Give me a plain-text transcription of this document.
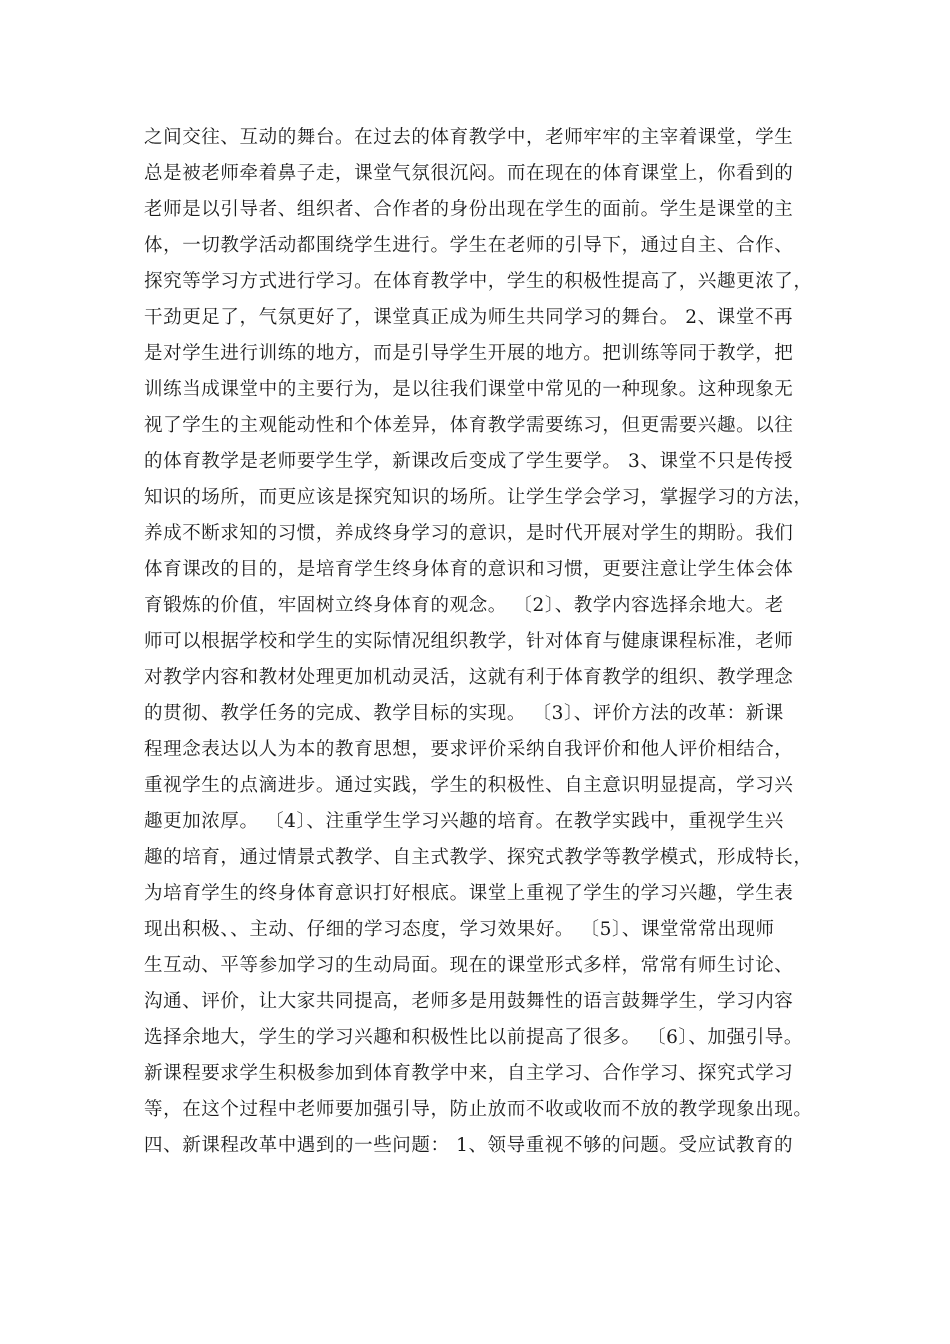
之间交往、互动的舞台。在过去的体育教学中，老师牢牢的主宰着课堂，学生
总是被老师牵着鼻子走，课堂气氛很沉闷。而在现在的体育课堂上，你看到的
老师是以引导者、组织者、合作者的身份出现在学生的面前。学生是课堂的主
体，一切教学活动都围绕学生进行。学生在老师的引导下，通过自主、合作、
探究等学习方式进行学习。在体育教学中，学生的积极性提高了，兴趣更浓了，
干劲更足了，气氛更好了，课堂真正成为师生共同学习的舞台。 2、课堂不再
是对学生进行训练的地方，而是引导学生开展的地方。把训练等同于教学，把
训练当成课堂中的主要行为，是以往我们课堂中常见的一种现象。这种现象无
视了学生的主观能动性和个体差异，体育教学需要练习，但更需要兴趣。以往
的体育教学是老师要学生学，新课改后变成了学生要学。 3、课堂不只是传授
知识的场所，而更应该是探究知识的场所。让学生学会学习，掌握学习的方法，
养成不断求知的习惯，养成终身学习的意识，是时代开展对学生的期盼。我们
体育课改的目的，是培育学生终身体育的意识和习惯，更要注意让学生体会体
育锻炼的价值，牢固树立终身体育的观念。 〔2〕、教学内容选择余地大。老
师可以根据学校和学生的实际情况组织教学，针对体育与健康课程标准，老师
对教学内容和教材处理更加机动灵活，这就有利于体育教学的组织、教学理念
的贯彻、教学任务的完成、教学目标的实现。 〔3〕、评价方法的改革：新课
程理念表达以人为本的教育思想，要求评价采纳自我评价和他人评价相结合，
重视学生的点滴进步。通过实践，学生的积极性、自主意识明显提高，学习兴
趣更加浓厚。 〔4〕、注重学生学习兴趣的培育。在教学实践中，重视学生兴
趣的培育，通过情景式教学、自主式教学、探究式教学等教学模式，形成特长，
为培育学生的终身体育意识打好根底。课堂上重视了学生的学习兴趣，学生表
现出积极、、主动、仔细的学习态度，学习效果好。 〔5〕、课堂常常出现师
生互动、平等参加学习的生动局面。现在的课堂形式多样，常常有师生讨论、
沟通、评价，让大家共同提高，老师多是用鼓舞性的语言鼓舞学生，学习内容
选择余地大，学生的学习兴趣和积极性比以前提高了很多。 〔6〕、加强引导。
新课程要求学生积极参加到体育教学中来，自主学习、合作学习、探究式学习
等，在这个过程中老师要加强引导，防止放而不收或收而不放的教学现象出现。
四、新课程改革中遇到的一些问题： 1、领导重视不够的问题。受应试教育的
